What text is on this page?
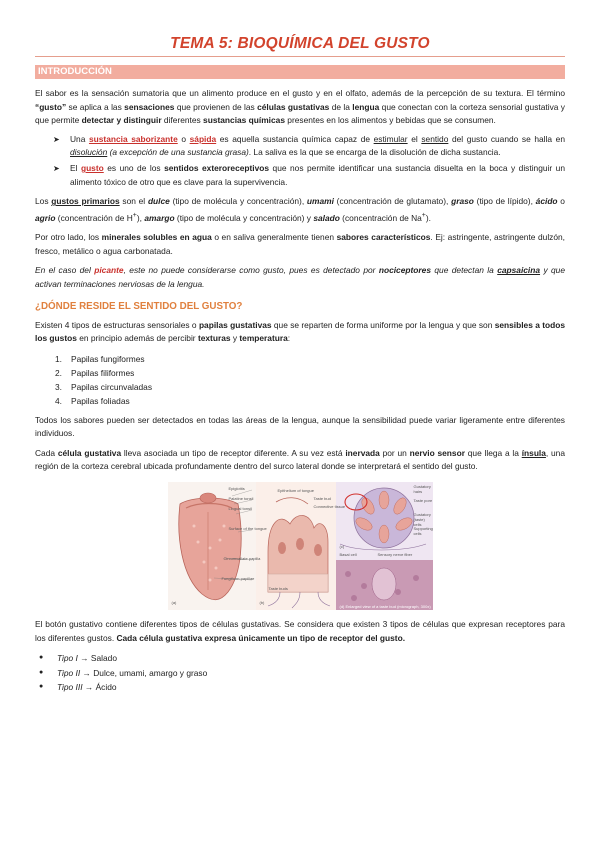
TEMA 5: BIOQUÍMICA DEL GUSTO
INTRODUCCIÓN

El sabor es la sensación sumatoria que un alimento produce en el gusto y en el olfato, además de la percepción de su textura. El término “gusto” se aplica a las sensaciones que provienen de las células gustativas de la lengua que conectan con la corteza sensorial gustativa y que permite detectar y distinguir diferentes sustancias químicas presentes en los alimentos y bebidas que se consumen.

➤ Una sustancia saborizante o sápida es aquella sustancia química capaz de estimular el sentido del gusto cuando se halla en disolución (a excepción de una sustancia grasa). La saliva es la que se encarga de la disolución de dicha sustancia.
➤ El gusto es uno de los sentidos exteroreceptivos que nos permite identificar una sustancia disuelta en la boca y distinguir un alimento tóxico de otro que es clave para la supervivencia.

Los gustos primarios son el dulce (tipo de molécula y concentración), umami (concentración de glutamato), graso (tipo de lípido), ácido o agrio (concentración de H+), amargo (tipo de molécula y concentración) y salado (concentración de Na+).

Por otro lado, los minerales solubles en agua o en saliva generalmente tienen sabores característicos. Ej: astringente, astringente dulzón, fresco, metálico o agua carbonatada.

En el caso del picante, este no puede considerarse como gusto, pues es detectado por nociceptores que detectan la capsaicina y que activan terminaciones nerviosas de la lengua.

¿DÓNDE RESIDE EL SENTIDO DEL GUSTO?

Existen 4 tipos de estructuras sensoriales o papilas gustativas que se reparten de forma uniforme por la lengua y que son sensibles a todos los gustos en principio además de percibir texturas y temperatura:

1. Papilas fungiformes
2. Papilas filiformes
3. Papilas circunvaladas
4. Papilas foliadas

Todos los sabores pueden ser detectados en todas las áreas de la lengua, aunque la sensibilidad puede variar ligeramente entre diferentes individuos.

Cada célula gustativa lleva asociada un tipo de receptor diferente. A su vez está inervada por un nervio sensor que llega a la ínsula, una región de la corteza cerebral ubicada profundamente dentro del surco lateral donde se interpretará el sentido del gusto.

Epiglottis
Palatine tonsil
Lingual tonsil
Surface of the tongue
Circumvallate papilla
Fungiform papillae
Taste buds
Epithelium of tongue
Taste bud
Connective tissue
Gustatory hairs
Taste pore
Gustatory (taste) cells
Supporting cells
Basal cell	Sensory nerve fiber
(a)	(b)
(c)
(d) Enlarged view of a taste bud (micrograph, 300x)

El botón gustativo contiene diferentes tipos de células gustativas. Se considera que existen 3 tipos de células que expresan receptores para los diferentes gustos. Cada célula gustativa expresa únicamente un tipo de receptor del gusto.

● Tipo I → Salado
● Tipo II → Dulce, umami, amargo y graso
● Tipo III → Ácido
